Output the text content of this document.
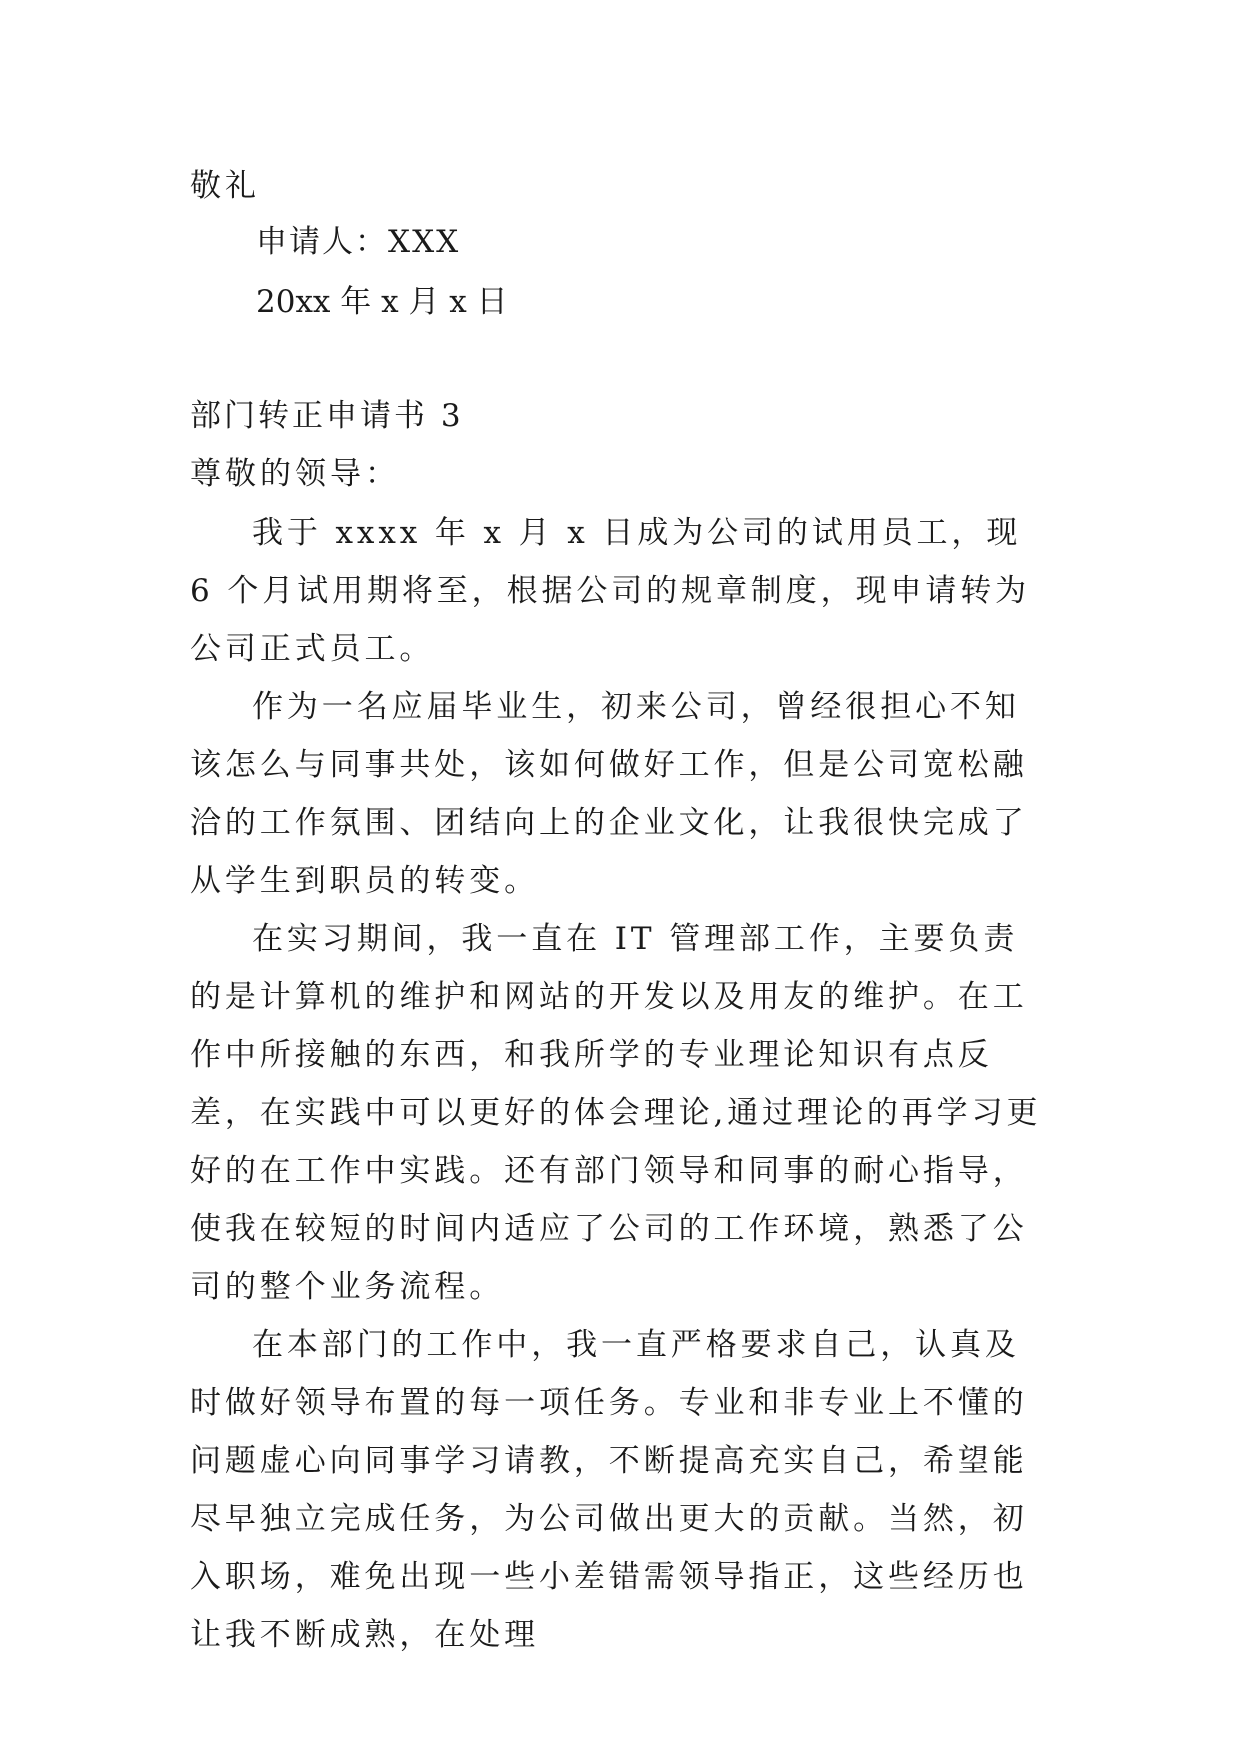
敬礼
申请人：XXX
20xx 年 x 月 x 日
部门转正申请书 3
尊敬的领导：

我于 xxxx 年 x 月 x 日成为公司的试用员工，现 6 个月试用期将至，根据公司的规章制度，现申请转为公司正式员工。

作为一名应届毕业生，初来公司，曾经很担心不知该怎么与同事共处，该如何做好工作，但是公司宽松融洽的工作氛围、团结向上的企业文化，让我很快完成了从学生到职员的转变。

在实习期间，我一直在 IT 管理部工作，主要负责的是计算机的维护和网站的开发以及用友的维护。在工作中所接触的东西，和我所学的专业理论知识有点反差，在实践中可以更好的体会理论,通过理论的再学习更好的在工作中实践。还有部门领导和同事的耐心指导，使我在较短的时间内适应了公司的工作环境，熟悉了公司的整个业务流程。

在本部门的工作中，我一直严格要求自己，认真及时做好领导布置的每一项任务。专业和非专业上不懂的问题虚心向同事学习请教，不断提高充实自己，希望能尽早独立完成任务，为公司做出更大的贡献。当然，初入职场，难免出现一些小差错需领导指正，这些经历也让我不断成熟，在处理
